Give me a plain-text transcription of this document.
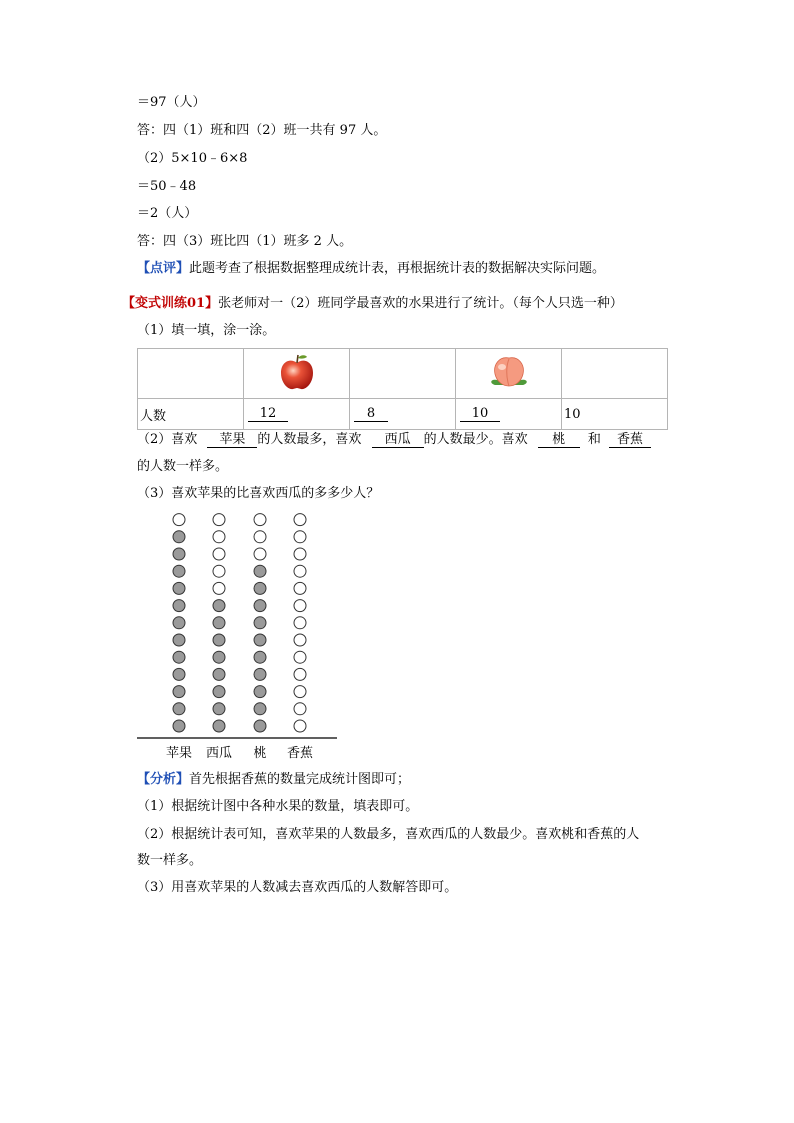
＝97（人）
答：四（1）班和四（2）班一共有 97 人。
（2）5×10﹣6×8
＝50﹣48
＝2（人）
答：四（3）班比四（1）班多 2 人。
【点评】此题考查了根据数据整理成统计表，再根据统计表的数据解决实际问题。
【变式训练01】张老师对一（2）班同学最喜欢的水果进行了统计。（每个人只选一种）
（1）填一填，涂一涂。

人数	12	8	10	10
（2）喜欢 苹果 的人数最多，喜欢 西瓜 的人数最少。喜欢 桃 和 香蕉
的人数一样多。
（3）喜欢苹果的比喜欢西瓜的多多少人？
苹果 西瓜 桃 香蕉
【分析】首先根据香蕉的数量完成统计图即可；
（1）根据统计图中各种水果的数量，填表即可。
（2）根据统计表可知，喜欢苹果的人数最多，喜欢西瓜的人数最少。喜欢桃和香蕉的人
数一样多。
（3）用喜欢苹果的人数减去喜欢西瓜的人数解答即可。
